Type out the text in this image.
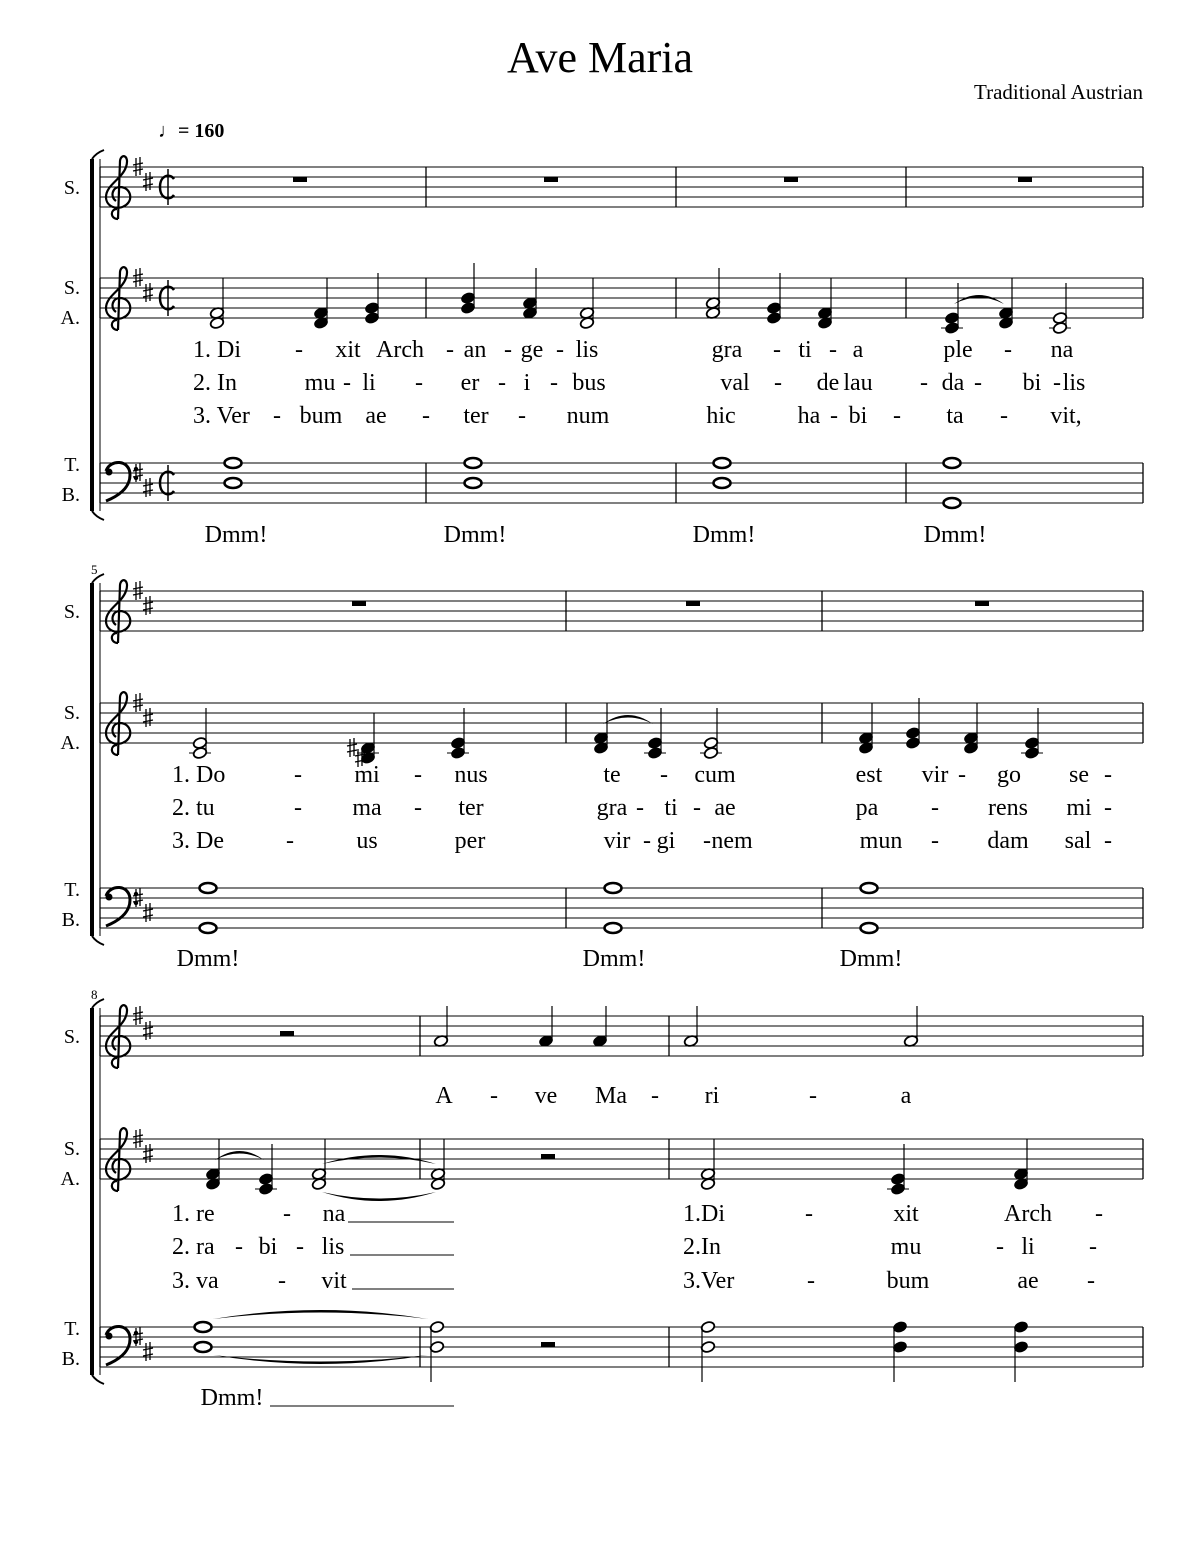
Ave Maria
Traditional Austrian
♩= 160
S.
S.
A.
T.
B.
Dmm!	Dmm!	Dmm!	Dmm!
S.
S.
A.
T.
B.
5
Dmm!	Dmm!	Dmm!
S.
S.
A.
T.
B.
8
Dmm!
1. Di - xit Arch - an - ge - lis	gra - ti - a	ple - na
2. In	mu - li - er - i - bus	val - de lau - da - bi - lis
3. Ver - bum ae - ter - num	hic	ha - bi - ta - vit,
1. Do	- mi - nus	te - cum	est vir - go se -
2. tu	- ma - ter	gra - ti - ae	pa - rens mi -
3. De	-	us	per	vir - gi - nem	mun - dam sal -
A - ve Ma - ri	-	a
1. re	- na	1.Di	-	xit	Arch -
2. ra - bi - lis	2.In	mu	- li -
3. va - vit	3.Ver	-	bum	ae -
